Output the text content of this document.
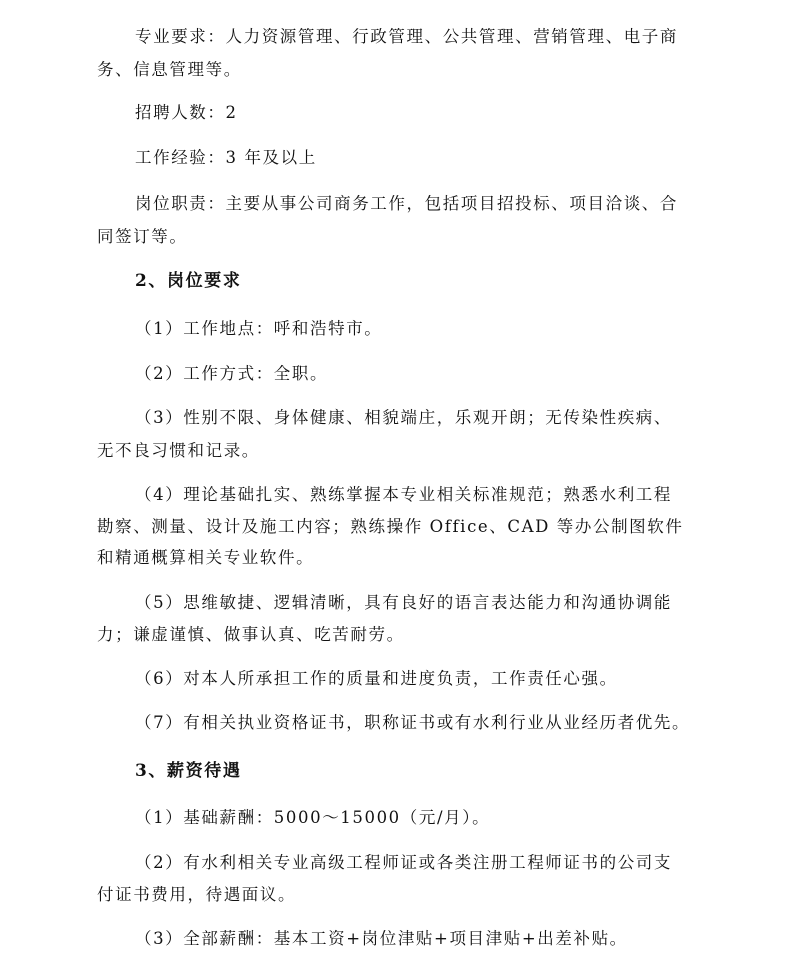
专业要求：人力资源管理、行政管理、公共管理、营销管理、电子商
务、信息管理等。
招聘人数：2
工作经验：3 年及以上
岗位职责：主要从事公司商务工作，包括项目招投标、项目洽谈、合
同签订等。
2、岗位要求
（1）工作地点：呼和浩特市。
（2）工作方式：全职。
（3）性别不限、身体健康、相貌端庄，乐观开朗；无传染性疾病、
无不良习惯和记录。
（4）理论基础扎实、熟练掌握本专业相关标准规范；熟悉水利工程
勘察、测量、设计及施工内容；熟练操作 Office、CAD 等办公制图软件
和精通概算相关专业软件。
（5）思维敏捷、逻辑清晰，具有良好的语言表达能力和沟通协调能
力；谦虚谨慎、做事认真、吃苦耐劳。
（6）对本人所承担工作的质量和进度负责，工作责任心强。
（7）有相关执业资格证书，职称证书或有水利行业从业经历者优先。
3、薪资待遇
（1）基础薪酬：5000～15000（元/月）。
（2）有水利相关专业高级工程师证或各类注册工程师证书的公司支
付证书费用，待遇面议。
（3）全部薪酬：基本工资+岗位津贴+项目津贴+出差补贴。
